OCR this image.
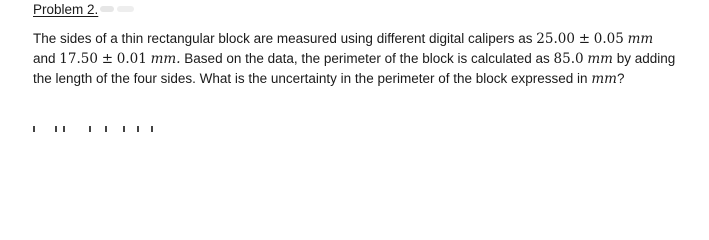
Problem 2.
The sides of a thin rectangular block are measured using different digital calipers as 25.00 ± 0.05 mm
and 17.50 ± 0.01 mm. Based on the data, the perimeter of the block is calculated as 85.0 mm by adding
the length of the four sides. What is the uncertainty in the perimeter of the block expressed in mm?
